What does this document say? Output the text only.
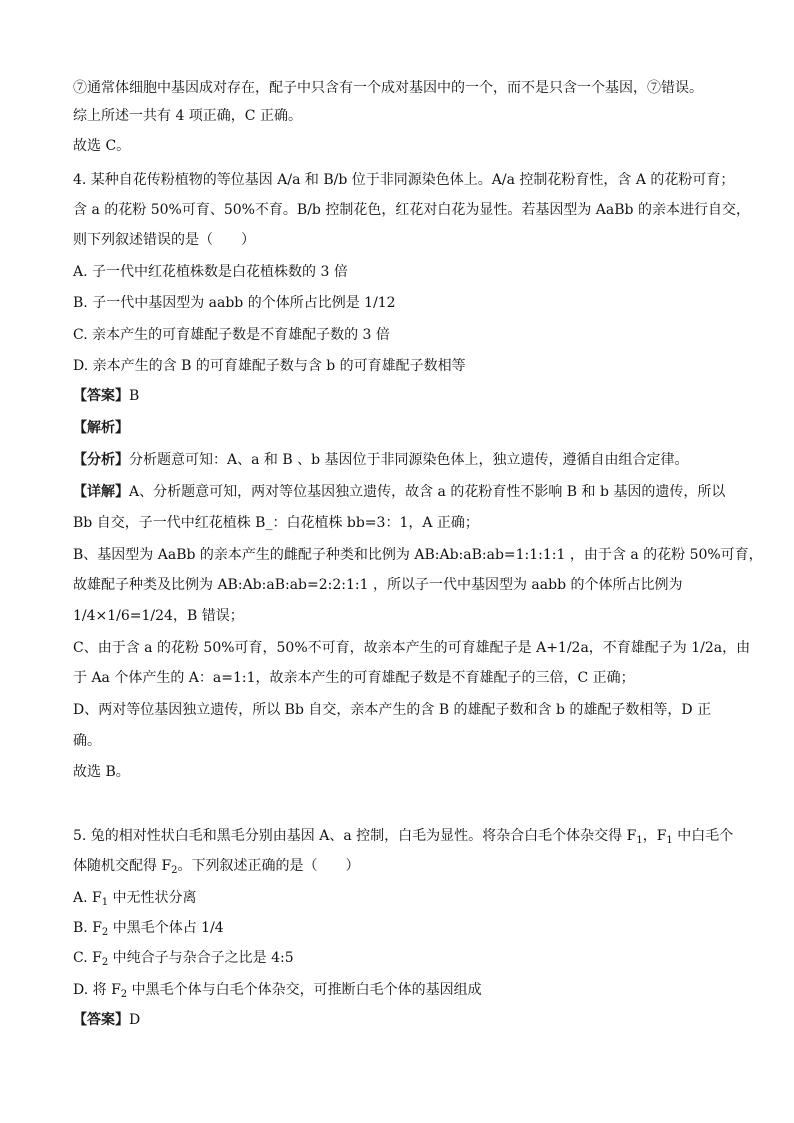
⑦通常体细胞中基因成对存在，配子中只含有一个成对基因中的一个，而不是只含一个基因，⑦错误。
综上所述一共有 4 项正确，C 正确。
故选 C。
4. 某种自花传粉植物的等位基因 A/a 和 B/b 位于非同源染色体上。A/a 控制花粉育性，含 A 的花粉可育；
含 a 的花粉 50%可育、50%不育。B/b 控制花色，红花对白花为显性。若基因型为 AaBb 的亲本进行自交，
则下列叙述错误的是（　　）
A. 子一代中红花植株数是白花植株数的 3 倍
B. 子一代中基因型为 aabb 的个体所占比例是 1/12
C. 亲本产生的可育雄配子数是不育雄配子数的 3 倍
D. 亲本产生的含 B 的可育雄配子数与含 b 的可育雄配子数相等
【答案】B
【解析】
【分析】分析题意可知：A、a 和 B 、b 基因位于非同源染色体上，独立遗传，遵循自由组合定律。
【详解】A、分析题意可知，两对等位基因独立遗传，故含 a 的花粉育性不影响 B 和 b 基因的遗传，所以
Bb 自交，子一代中红花植株 B_：白花植株 bb=3：1，A 正确；
B、基因型为 AaBb 的亲本产生的雌配子种类和比例为 AB:Ab:aB:ab=1:1:1:1 ，由于含 a 的花粉 50%可育，
故雄配子种类及比例为 AB:Ab:aB:ab=2:2:1:1 ，所以子一代中基因型为 aabb 的个体所占比例为
1/4×1/6=1/24，B 错误；
C、由于含 a 的花粉 50%可育，50%不可育，故亲本产生的可育雄配子是 A+1/2a，不育雄配子为 1/2a，由
于 Aa 个体产生的 A：a=1:1，故亲本产生的可育雄配子数是不育雄配子的三倍，C 正确；
D、两对等位基因独立遗传，所以 Bb 自交，亲本产生的含 B 的雄配子数和含 b 的雄配子数相等，D 正
确。
故选 B。
5. 兔的相对性状白毛和黑毛分别由基因 A、a 控制，白毛为显性。将杂合白毛个体杂交得 $F_1$，$F_1$ 中白毛个
体随机交配得 $F_2$。下列叙述正确的是（　　）
A. $F_1$ 中无性状分离
B. $F_2$ 中黑毛个体占 1/4
C. $F_2$ 中纯合子与杂合子之比是 4:5
D. 将 $F_2$ 中黑毛个体与白毛个体杂交，可推断白毛个体的基因组成
【答案】D
